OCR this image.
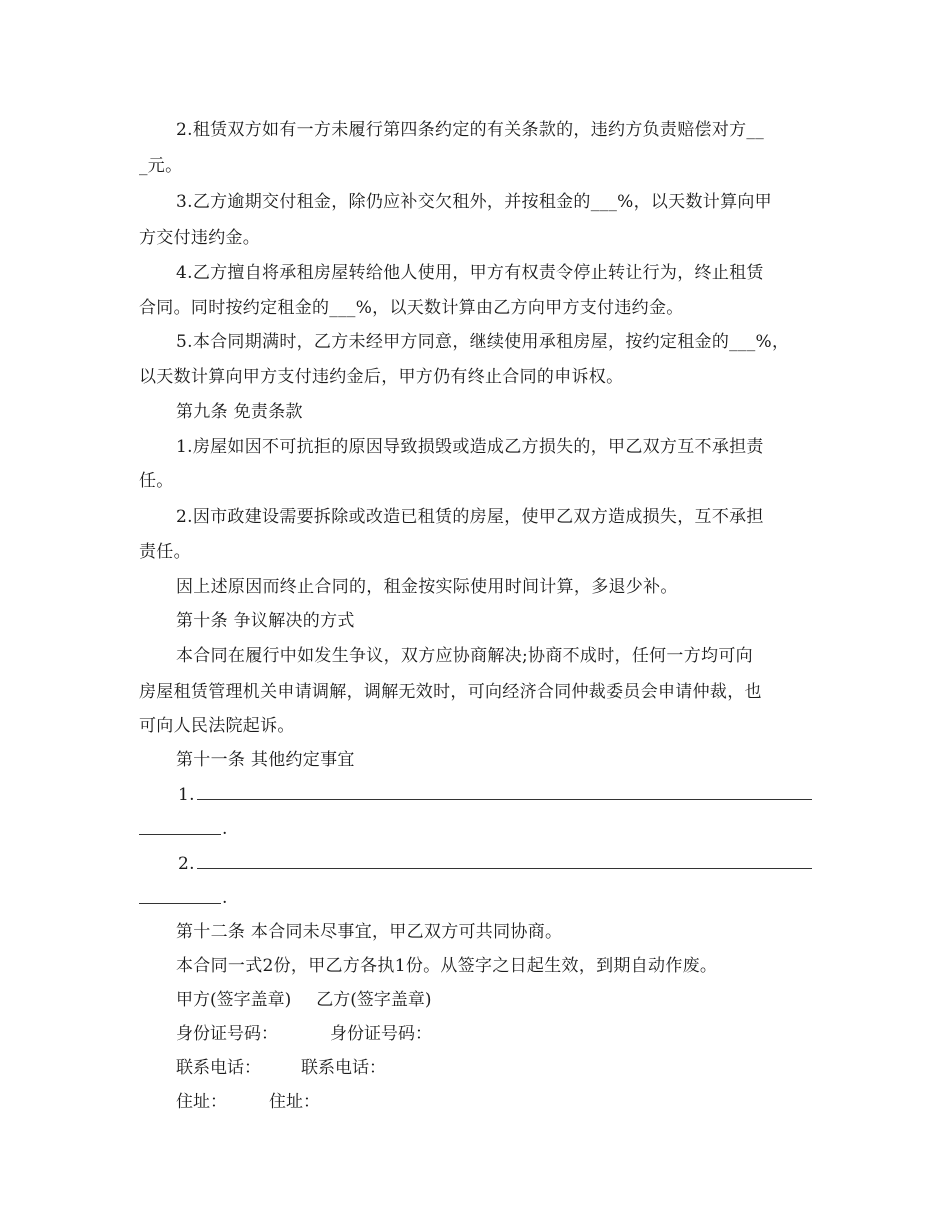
2.租赁双方如有一方未履行第四条约定的有关条款的，违约方负责赔偿对方__
_元。
3.乙方逾期交付租金，除仍应补交欠租外，并按租金的___%，以天数计算向甲
方交付违约金。
4.乙方擅自将承租房屋转给他人使用，甲方有权责令停止转让行为，终止租赁
合同。同时按约定租金的___%，以天数计算由乙方向甲方支付违约金。
5.本合同期满时，乙方未经甲方同意，继续使用承租房屋，按约定租金的___%，
以天数计算向甲方支付违约金后，甲方仍有终止合同的申诉权。
第九条 免责条款
1.房屋如因不可抗拒的原因导致损毁或造成乙方损失的，甲乙双方互不承担责
任。
2.因市政建设需要拆除或改造已租赁的房屋，使甲乙双方造成损失，互不承担
责任。
因上述原因而终止合同的，租金按实际使用时间计算，多退少补。
第十条 争议解决的方式
本合同在履行中如发生争议，双方应协商解决;协商不成时，任何一方均可向
房屋租赁管理机关申请调解，调解无效时，可向经济合同仲裁委员会申请仲裁，也
可向人民法院起诉。
第十一条 其他约定事宜
1.
.
2.
.
第十二条 本合同未尽事宜，甲乙双方可共同协商。
本合同一式2份，甲乙方各执1份。从签字之日起生效，到期自动作废。
甲方(签字盖章) 乙方(签字盖章)
身份证号码：	身份证号码：
联系电话： 联系电话：
住址： 住址：
